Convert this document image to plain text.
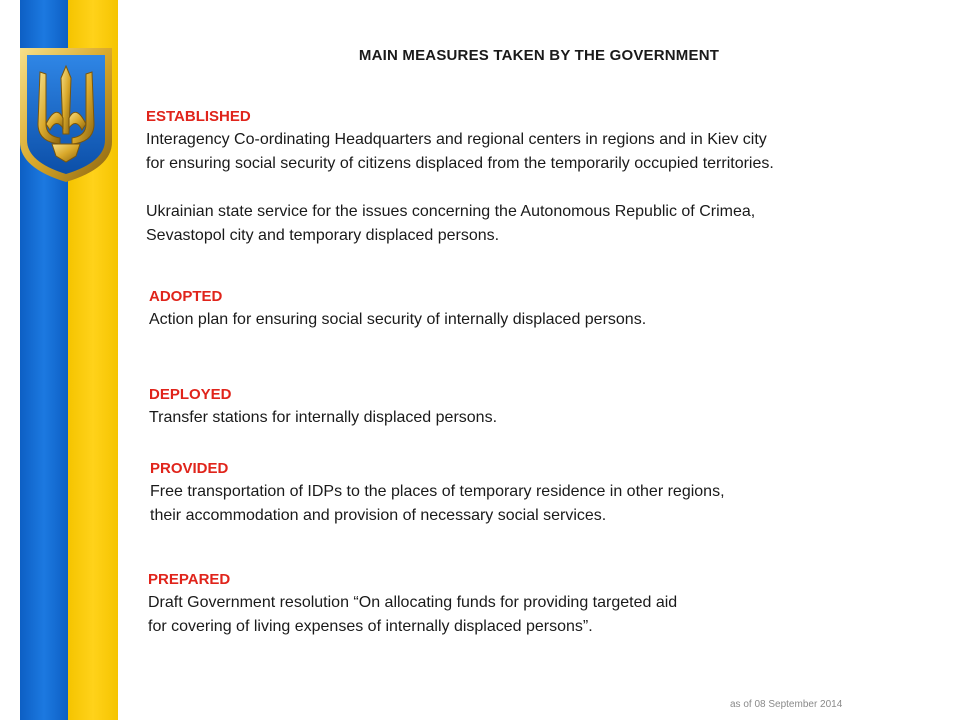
MAIN MEASURES TAKEN BY THE GOVERNMENT
ESTABLISHED
Interagency Co-ordinating Headquarters and regional centers in regions and in Kiev city
for ensuring social security of citizens displaced from the temporarily occupied territories.
Ukrainian state service for the issues concerning the Autonomous Republic of Crimea,
Sevastopol city and temporary displaced persons.
ADOPTED
Action plan for ensuring social security of internally displaced persons.
DEPLOYED
Transfer stations for internally displaced persons.
PROVIDED
Free transportation of IDPs to the places of temporary residence in other regions,
their accommodation and provision of necessary social services.
PREPARED
Draft Government resolution “On allocating funds for providing targeted aid
for covering of living expenses of internally displaced persons”.
as of 08 September 2014
